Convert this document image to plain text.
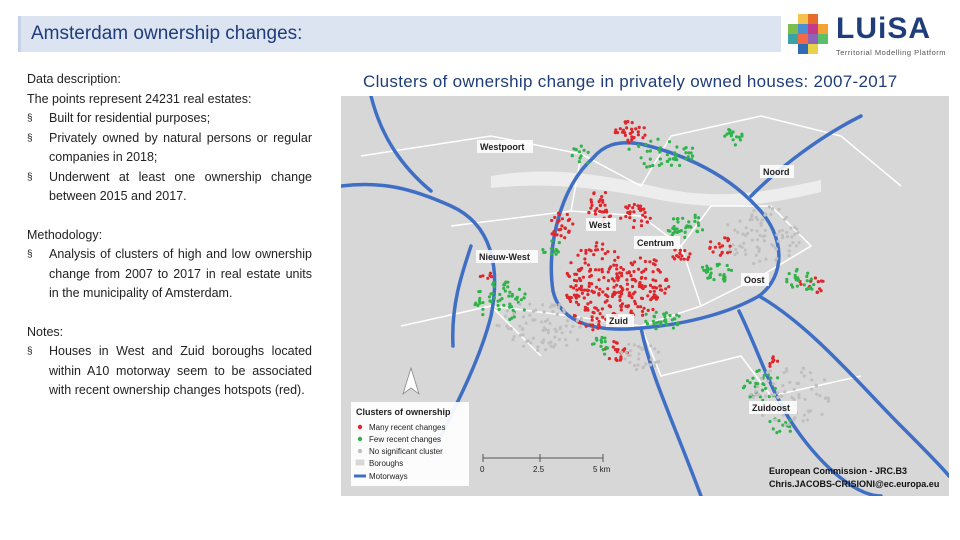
Amsterdam ownership changes:	LUiSA
Territorial Modelling Platform
Data description:
The points represent 24231 real estates:
§ Built for residential purposes;
§ Privately owned by natural persons or regular companies in 2018;
§ Underwent at least one ownership change between 2015 and 2017.
Methodology:
§ Analysis of clusters of high and low ownership change from 2007 to 2017 in real estate units in the municipality of Amsterdam.
Notes:
§ Houses in West and Zuid boroughs located within A10 motorway seem to be associated with recent ownership changes hotspots (red).
Clusters of ownership change in privately owned houses: 2007-2017
Westpoort
Noord
West
Centrum
Nieuw-West
Oost
Zuid
Zuidoost
Clusters of ownership
Many recent changes
Few recent changes
No significant cluster
Boroughs
Motorways
0	2.5	5 km	European Commission - JRC.B3
Chris.JACOBS-CRISIONI@ec.europa.eu
